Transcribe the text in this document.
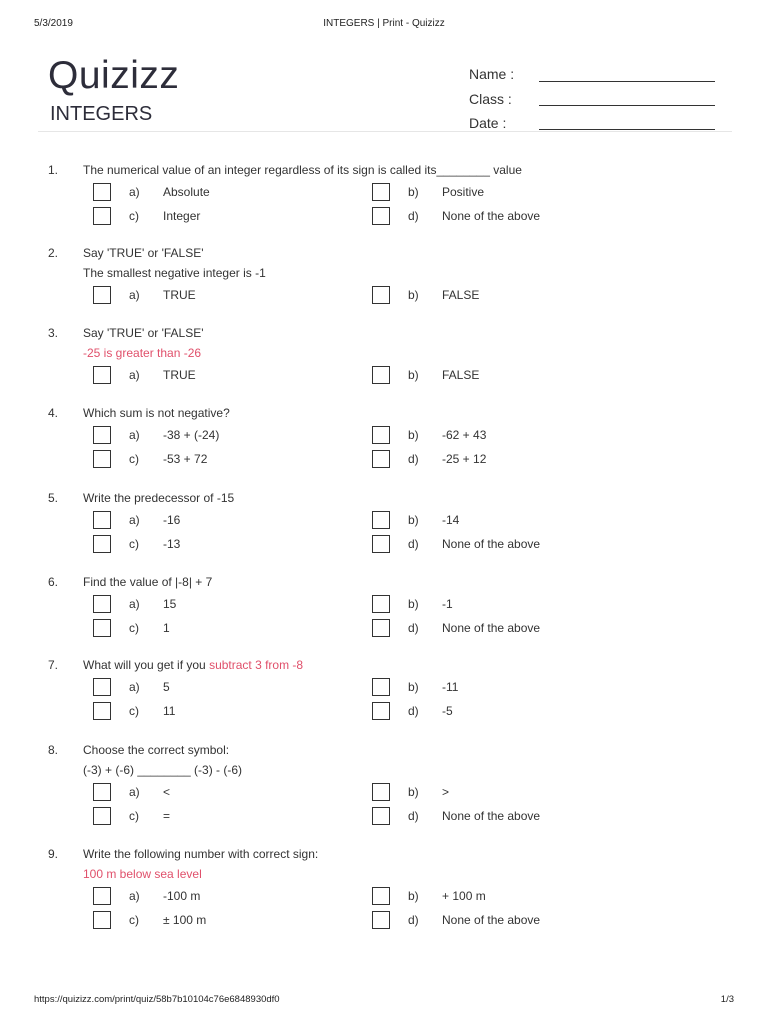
5/3/2019	INTEGERS | Print - Quizizz
Quizizz
INTEGERS
Name :
Class :
Date :
1. The numerical value of an integer regardless of its sign is called its________ value
a) Absolute	b) Positive
c) Integer	d) None of the above
2. Say 'TRUE' or 'FALSE'
The smallest negative integer is -1
a) TRUE	b) FALSE
3. Say 'TRUE' or 'FALSE'
-25 is greater than -26
a) TRUE	b) FALSE
4. Which sum is not negative?
a) -38 + (-24)	b) -62 + 43
c) -53 + 72	d) -25 + 12
5. Write the predecessor of -15
a) -16	b) -14
c) -13	d) None of the above
6. Find the value of |-8| + 7
a) 15	b) -1
c) 1	d) None of the above
7. What will you get if you subtract 3 from -8
a) 5	b) -11
c) 11	d) -5
8. Choose the correct symbol:
(-3) + (-6) ________ (-3) - (-6)
a) <	b) >
c) =	d) None of the above
9. Write the following number with correct sign:
100 m below sea level
a) -100 m	b) + 100 m
c) ± 100 m	d) None of the above
https://quizizz.com/print/quiz/58b7b10104c76e6848930df0	1/3
